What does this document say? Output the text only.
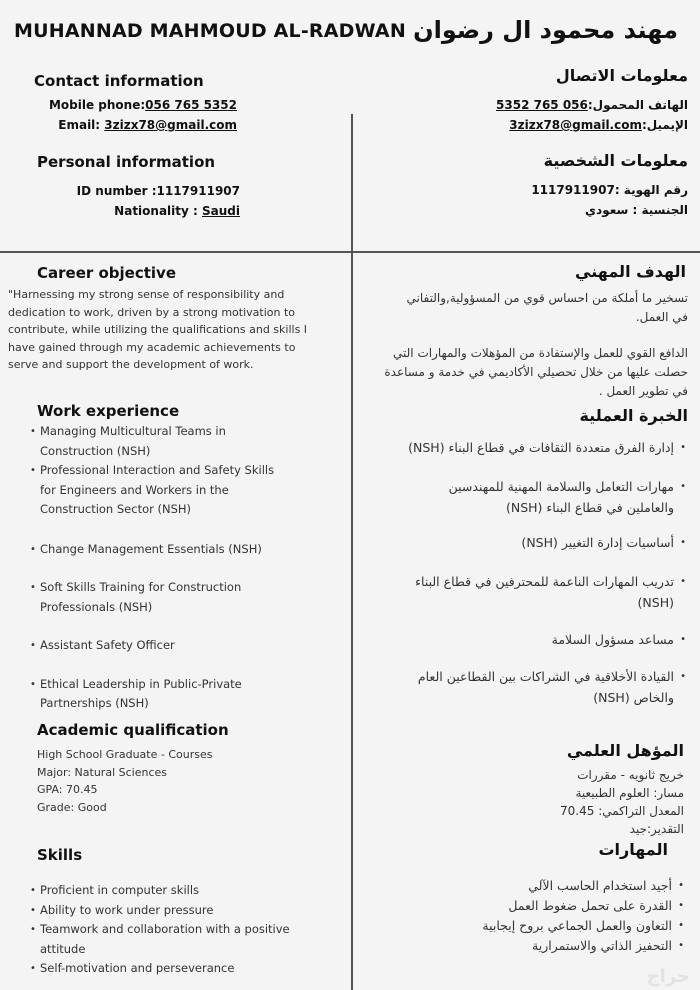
MUHANNAD MAHMOUD AL-RADWAN مهند محمود ال رضوان
Contact information
Mobile phone:056 765 5352
Email: 3zizx78@gmail.com
Personal information
ID number :1117911907
Nationality : Saudi
Career objective
"Harnessing my strong sense of responsibility and dedication to work, driven by a strong motivation to contribute, while utilizing the qualifications and skills I have gained through my academic achievements to serve and support the development of work.
Work experience
• Managing Multicultural Teams in Construction (NSH)
• Professional Interaction and Safety Skills for Engineers and Workers in the Construction Sector (NSH)
• Change Management Essentials (NSH)
• Soft Skills Training for Construction Professionals (NSH)
• Assistant Safety Officer
• Ethical Leadership in Public-Private Partnerships (NSH)
Academic qualification
High School Graduate - Courses
Major: Natural Sciences
GPA: 70.45
Grade: Good
Skills
• Proficient in computer skills
• Ability to work under pressure
• Teamwork and collaboration with a positive attitude
• Self-motivation and perseverance
معلومات الاتصال
الهاتف المحمول:5352 765 056
الإيميل:3zizx78@gmail.com
معلومات الشخصية
رقم الهوية :1117911907
الجنسية : سعودي
الهدف المهني
تسخير ما أملكة من احساس قوي من المسؤولية,والتفاني في العمل.
الدافع القوي للعمل والإستفادة من المؤهلات والمهارات التي حصلت عليها من خلال تحصيلي الأكاديمي في خدمة و مساعدة في تطوير العمل .
الخبرة العملية
• إدارة الفرق متعددة الثقافات في قطاع البناء (NSH)
• مهارات التعامل والسلامة المهنية للمهندسين والعاملين في قطاع البناء (NSH)
• أساسيات إدارة التغيير (NSH)
• تدريب المهارات الناعمة للمحترفين في قطاع البناء (NSH)
• مساعد مسؤول السلامة
• القيادة الأخلاقية في الشراكات بين القطاعين العام والخاص (NSH)
المؤهل العلمي
خريج ثانويه - مقررات
مسار: العلوم الطبيعية
المعدل التراكمي: 70.45
التقدير:جيد
المهارات
• أجيد استخدام الحاسب الآلي
• القدرة على تحمل ضغوط العمل
• التعاون والعمل الجماعي بروح إيجابية
• التحفيز الذاتي والاستمرارية
حراج
